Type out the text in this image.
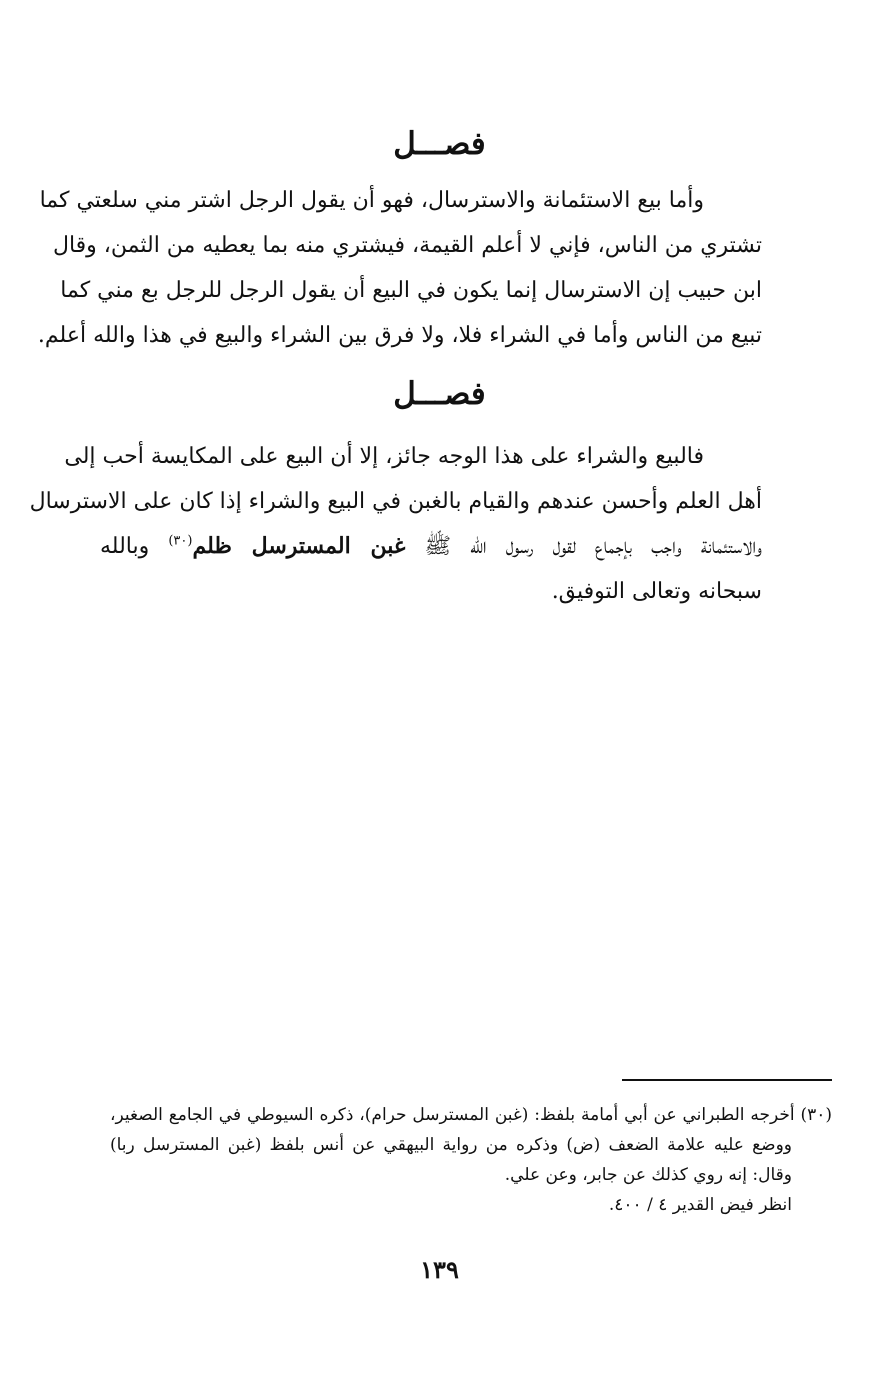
فصـــل
وأما بيع الاستئمانة والاسترسال، فهو أن يقول الرجل اشتر مني سلعتي كما
تشتري من الناس، فإني لا أعلم القيمة، فيشتري منه بما يعطيه من الثمن، وقال
ابن حبيب إن الاسترسال إنما يكون في البيع أن يقول الرجل للرجل بع مني كما
تبيع من الناس وأما في الشراء فلا، ولا فرق بين الشراء والبيع في هذا والله أعلم.
فصـــل
فالبيع والشراء على هذا الوجه جائز، إلا أن البيع على المكايسة أحب إلى
أهل العلم وأحسن عندهم والقيام بالغبن في البيع والشراء إذا كان على الاسترسال
والاستئمانة واجب بإجماع لقول رسول الله ﷺ غبن المسترسل ظلم$^{(٣٠)}$ وبالله
سبحانه وتعالى التوفيق.
(٣٠) أخرجه الطبراني عن أبي أمامة بلفظ: (غبن المسترسل حرام)، ذكره السيوطي في الجامع الصغير،
ووضع عليه علامة الضعف (ض) وذكره من رواية البيهقي عن أنس بلفظ (غبن المسترسل ربا)
وقال: إنه روي كذلك عن جابر، وعن علي.
انظر فيض القدير ٤ / ٤٠٠.
١٣٩
